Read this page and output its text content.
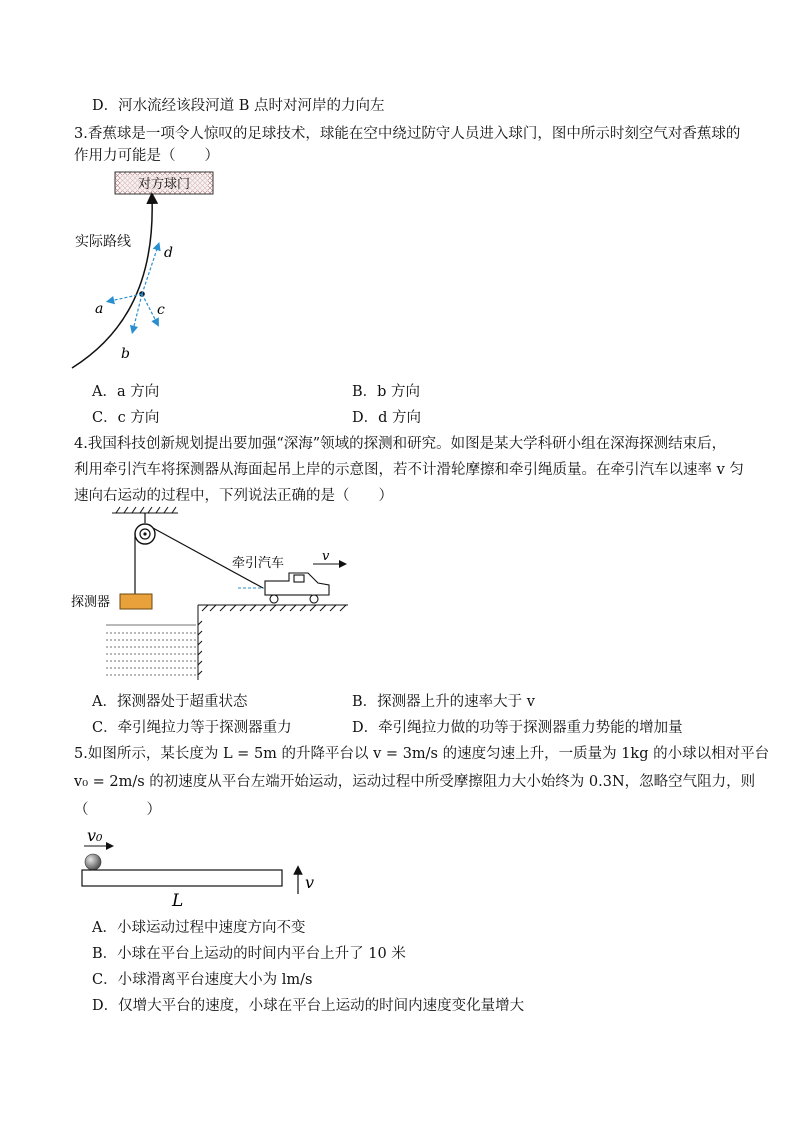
D．河水流经该段河道 B 点时对河岸的力向左
3.香蕉球是一项令人惊叹的足球技术，球能在空中绕过防守人员进入球门，图中所示时刻空气对香蕉球的
作用力可能是（　　）
对方球门
实际路线
d
a	c
b
A．a 方向	B．b 方向
C．c 方向	D．d 方向
4.我国科技创新规划提出要加强“深海”领域的探测和研究。如图是某大学科研小组在深海探测结束后，
利用牵引汽车将探测器从海面起吊上岸的示意图，若不计滑轮摩擦和牵引绳质量。在牵引汽车以速率 v 匀
速向右运动的过程中，下列说法正确的是（　　）
探测器
牵引汽车	v
A．探测器处于超重状态	B．探测器上升的速率大于 v
C．牵引绳拉力等于探测器重力	D．牵引绳拉力做的功等于探测器重力势能的增加量
5.如图所示，某长度为 L = 5m 的升降平台以 v = 3m/s 的速度匀速上升，一质量为 1kg 的小球以相对平台
v₀ = 2m/s 的初速度从平台左端开始运动，运动过程中所受摩擦阻力大小始终为 0.3N，忽略空气阻力，则
（　　　　）
v₀
L
v
A．小球运动过程中速度方向不变
B．小球在平台上运动的时间内平台上升了 10 米
C．小球滑离平台速度大小为 lm/s
D．仅增大平台的速度，小球在平台上运动的时间内速度变化量增大
